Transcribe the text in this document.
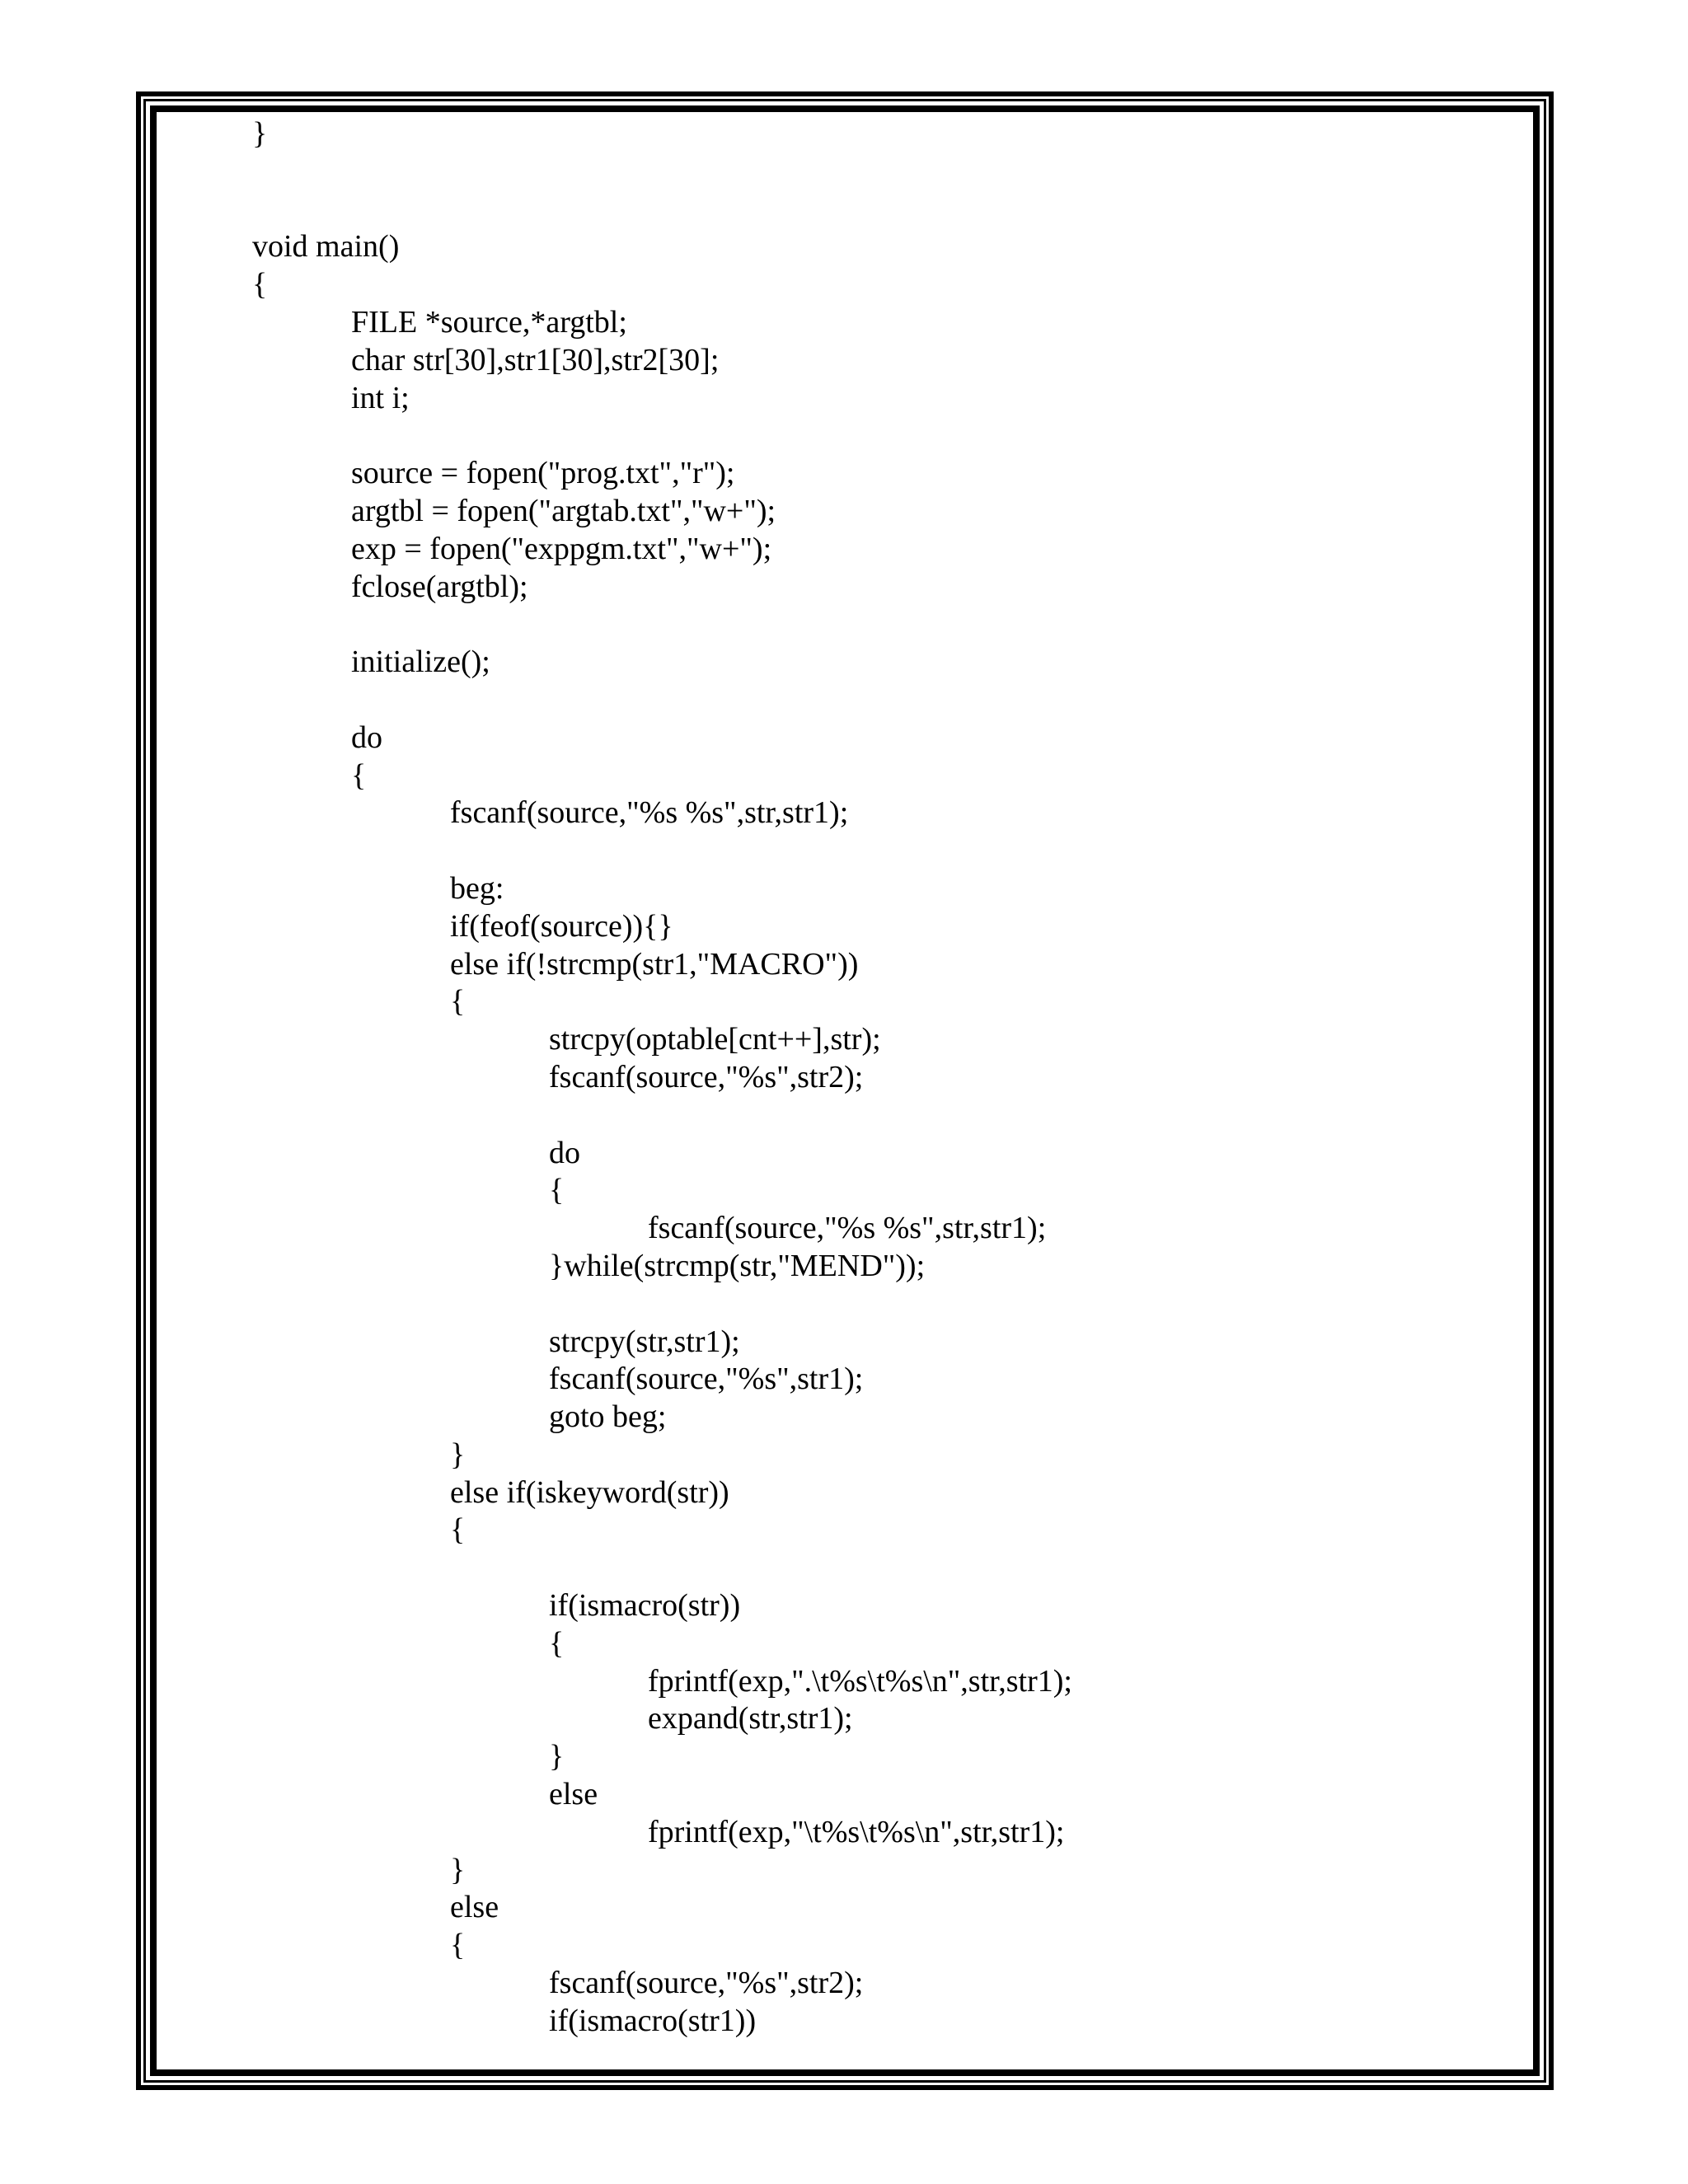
}
void main()
{
FILE *source,*argtbl;
char str[30],str1[30],str2[30];
int i;
source = fopen("prog.txt","r");
argtbl = fopen("argtab.txt","w+");
exp = fopen("exppgm.txt","w+");
fclose(argtbl);
initialize();
do
{
fscanf(source,"%s %s",str,str1);
beg:
if(feof(source)){}
else if(!strcmp(str1,"MACRO"))
{
strcpy(optable[cnt++],str);
fscanf(source,"%s",str2);
do
{
fscanf(source,"%s %s",str,str1);
}while(strcmp(str,"MEND"));
strcpy(str,str1);
fscanf(source,"%s",str1);
goto beg;
}
else if(iskeyword(str))
{
if(ismacro(str))
{
fprintf(exp,".\t%s\t%s\n",str,str1);
expand(str,str1);
}
else
fprintf(exp,"\t%s\t%s\n",str,str1);
}
else
{
fscanf(source,"%s",str2);
if(ismacro(str1))
